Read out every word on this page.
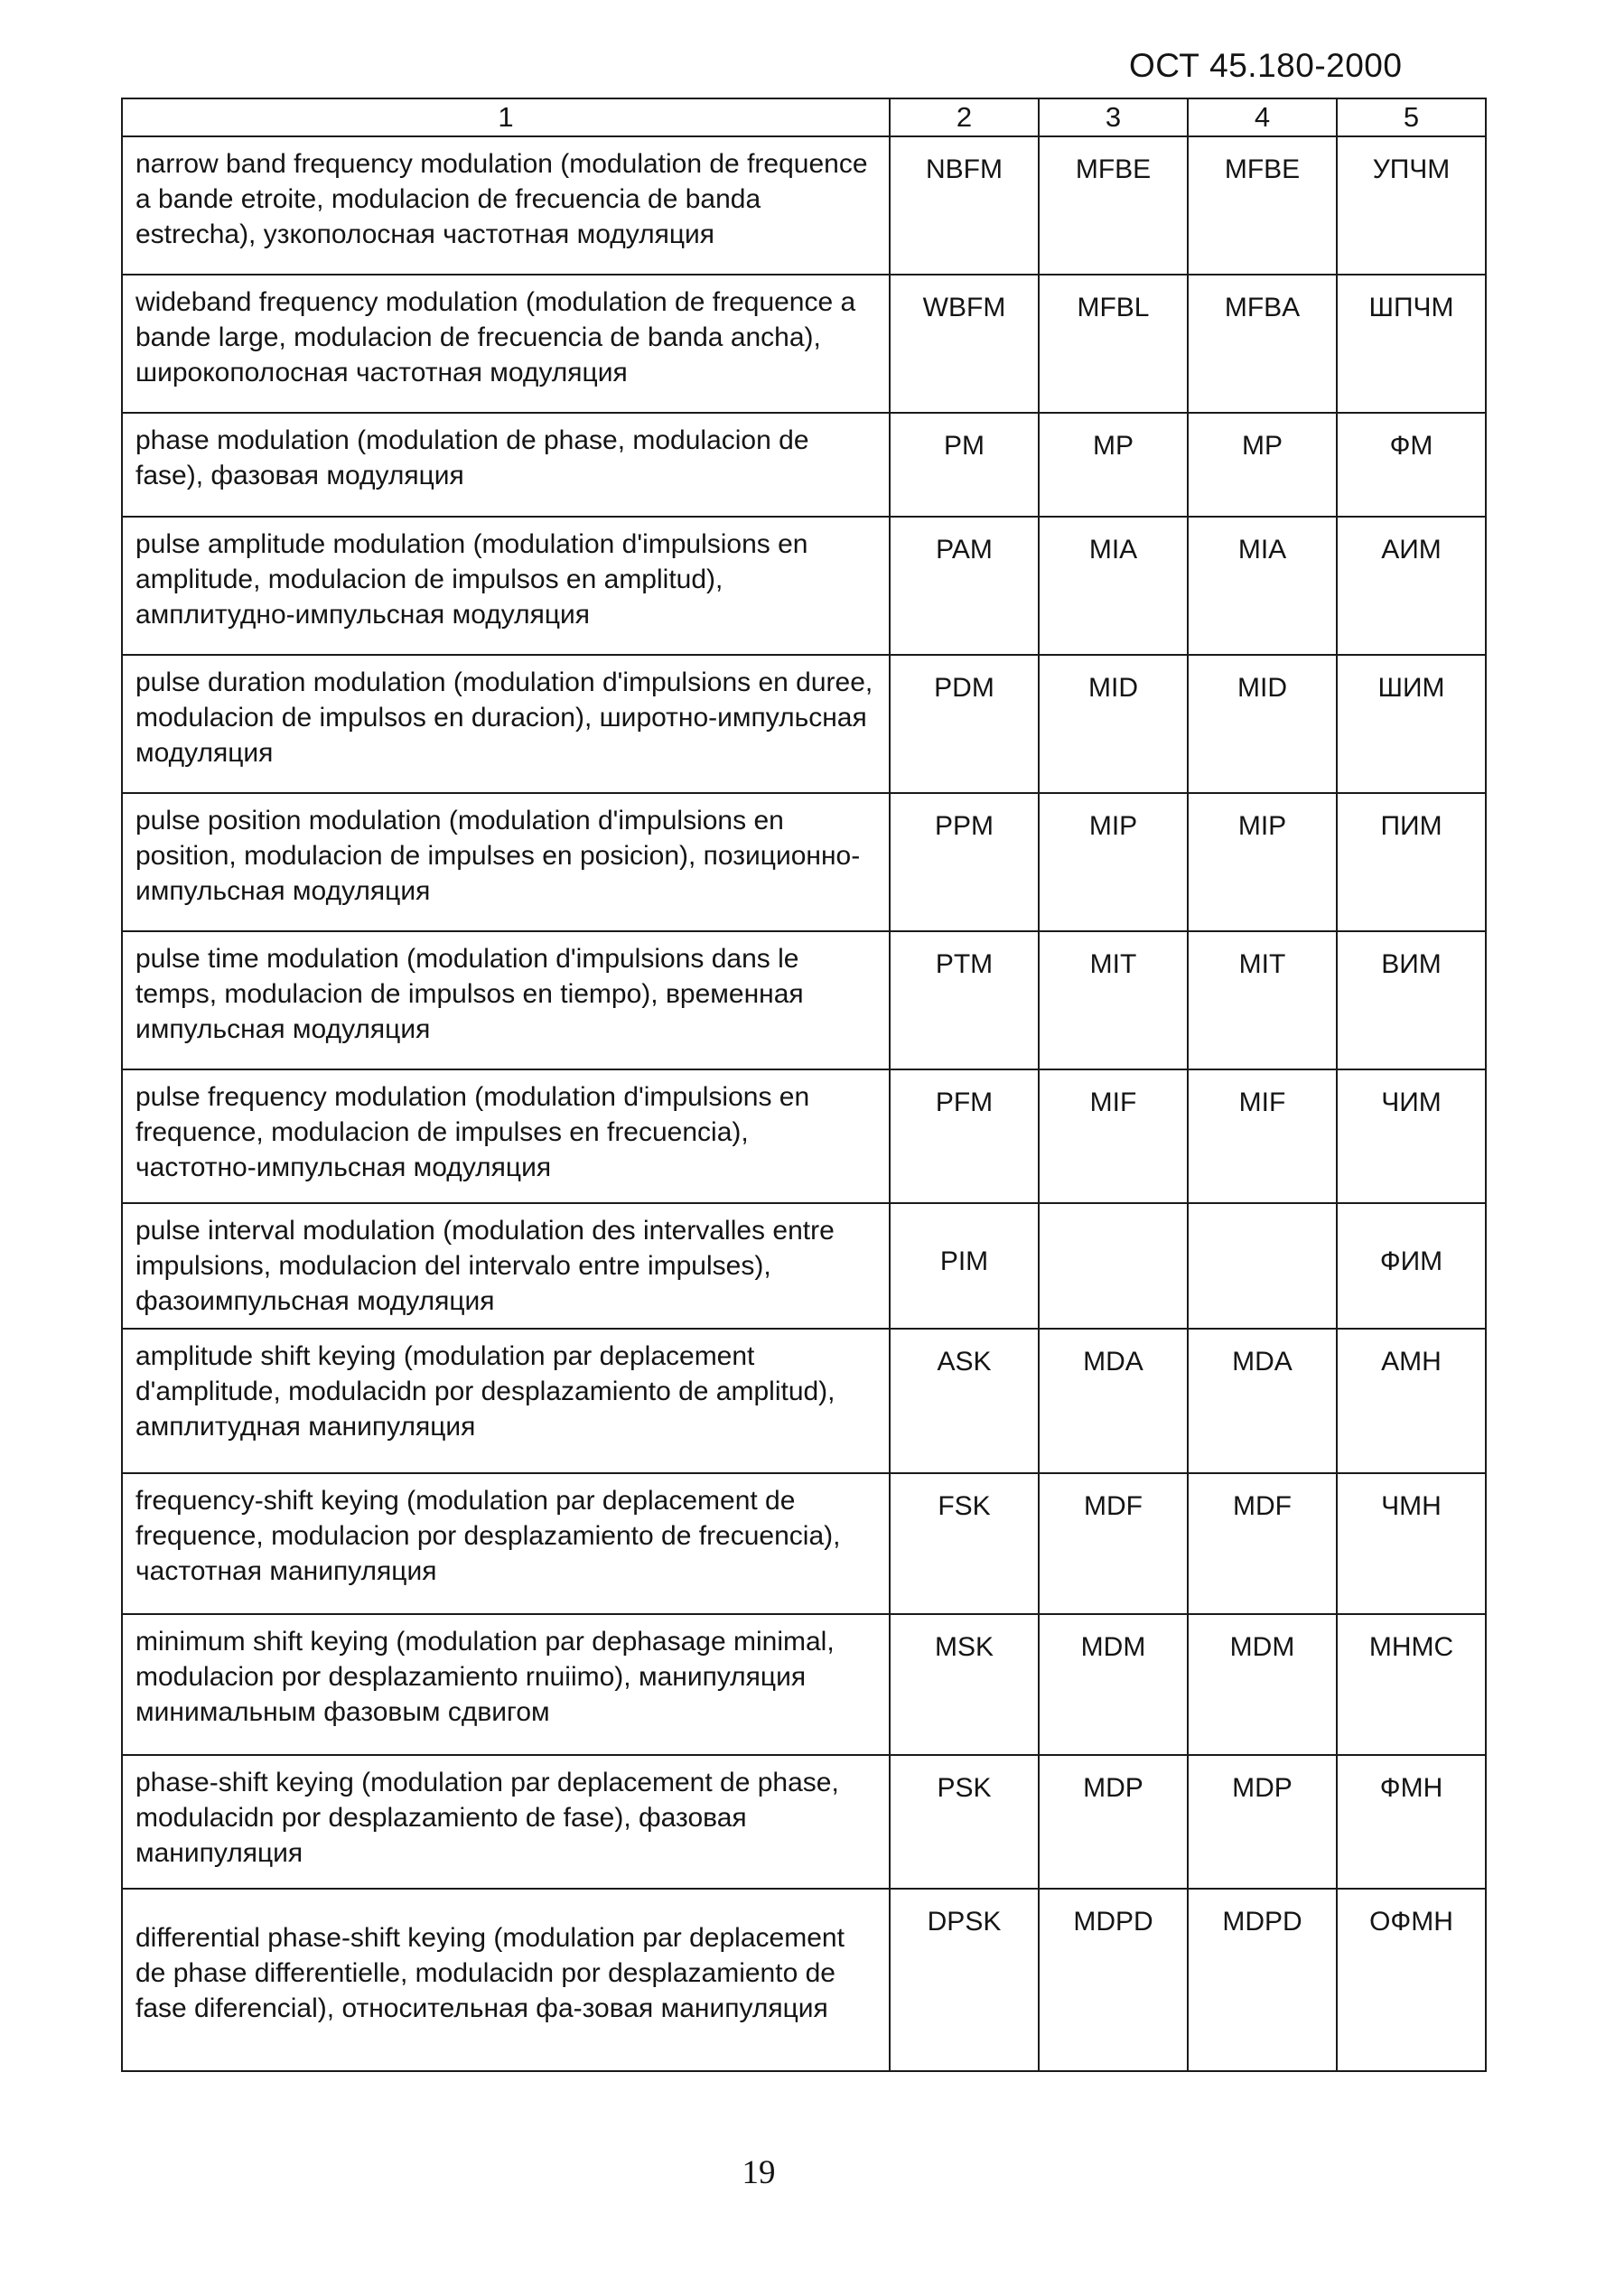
ОСТ 45.180-2000
1	2	3	4	5
narrow band frequency modulation (modulation de frequence a bande etroite, modulacion de frecuencia de banda estrecha), узкополосная частотная модуляция	NBFM	MFBE	MFBE	УПЧМ
wideband frequency modulation (modulation de frequence a bande large, modulacion de frecuencia de banda ancha), широкополосная частотная модуляция	WBFM	MFBL	MFBA	ШПЧМ
phase modulation (modulation de phase, modulacion de fase), фазовая модуляция	PM	MP	MP	ФМ
pulse amplitude modulation (modulation d'impulsions en amplitude, modulacion de impulsos en amplitud), амплитудно-импульсная модуляция	PAM	MIA	MIA	АИМ
pulse duration modulation (modulation d'impulsions en duree, modulacion de impulsos en duracion), широтно-импульсная модуляция	PDM	MID	MID	ШИМ
pulse position modulation (modulation d'impulsions en position, modulacion de impulses en posicion), позиционно-импульсная модуляция	PPM	MIP	MIP	ПИМ
pulse time modulation (modulation d'impulsions dans le temps, modulacion de impulsos en tiempo), временная импульсная модуляция	PTM	MIT	MIT	ВИМ
pulse frequency modulation (modulation d'impulsions en frequence, modulacion de impulses en frecuencia), частотно-импульсная модуляция	PFM	MIF	MIF	ЧИМ
pulse interval modulation (modulation des intervalles entre impulsions, modulacion del intervalo entre impulses), фазоимпульсная модуляция	PIM			ФИМ
amplitude shift keying (modulation par deplacement d'amplitude, modulacidn por desplazamiento de amplitud), амплитудная манипуляция	ASK	MDA	MDA	АМН
frequency-shift keying (modulation par deplacement de frequence, modulacion por desplazamiento de frecuencia), частотная манипуляция	FSK	MDF	MDF	ЧМН
minimum shift keying (modulation par dephasage minimal, modulacion por desplazamiento rnuiimo), манипуляция минимальным фазовым сдвигом	MSK	MDM	MDM	МНМС
phase-shift keying (modulation par deplacement de phase, modulacidn por desplazamiento de fase), фазовая манипуляция	PSK	MDP	MDP	ФМН
differential phase-shift keying (modulation par deplacement de phase differentielle, modulacidn por desplazamiento de fase diferencial), относительная фа-зовая манипуляция	DPSK	MDPD	MDPD	ОФМН
19
